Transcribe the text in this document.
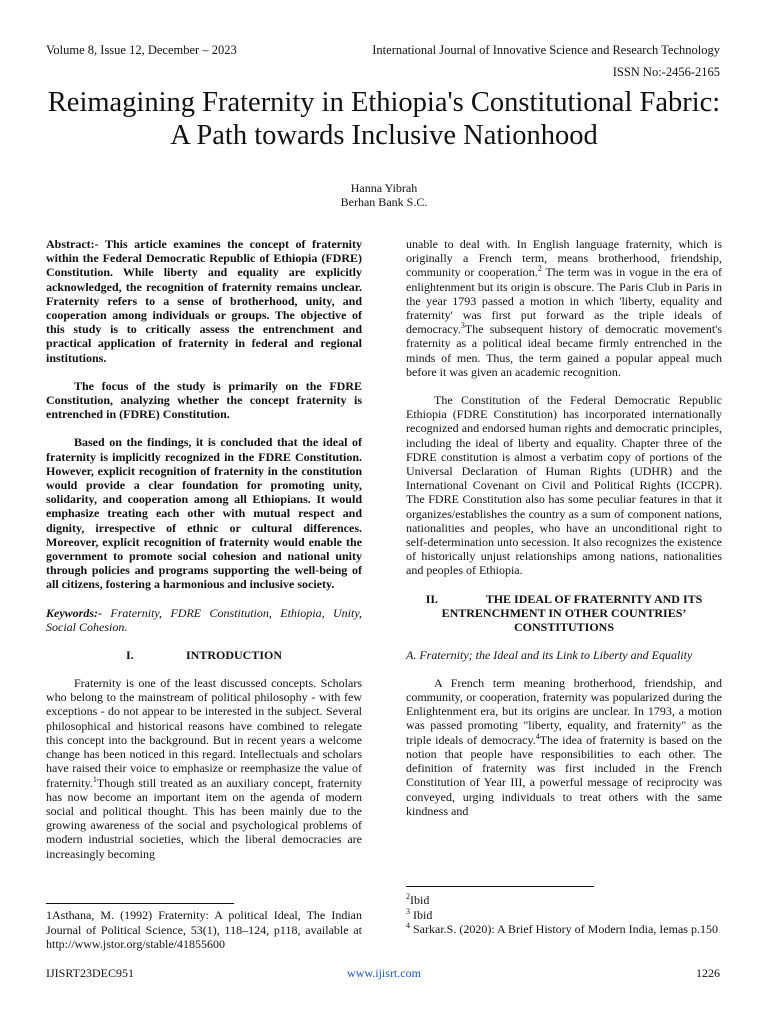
Volume 8, Issue 12, December – 2023	International Journal of Innovative Science and Research Technology
ISSN No:-2456-2165
Reimagining Fraternity in Ethiopia's Constitutional Fabric: A Path towards Inclusive Nationhood
Hanna Yibrah
Berhan Bank S.C.

Abstract:- This article examines the concept of fraternity within the Federal Democratic Republic of Ethiopia (FDRE) Constitution. While liberty and equality are explicitly acknowledged, the recognition of fraternity remains unclear. Fraternity refers to a sense of brotherhood, unity, and cooperation among individuals or groups. The objective of this study is to critically assess the entrenchment and practical application of fraternity in federal and regional institutions.

The focus of the study is primarily on the FDRE Constitution, analyzing whether the concept fraternity is entrenched in (FDRE) Constitution.

Based on the findings, it is concluded that the ideal of fraternity is implicitly recognized in the FDRE Constitution. However, explicit recognition of fraternity in the constitution would provide a clear foundation for promoting unity, solidarity, and cooperation among all Ethiopians. It would emphasize treating each other with mutual respect and dignity, irrespective of ethnic or cultural differences. Moreover, explicit recognition of fraternity would enable the government to promote social cohesion and national unity through policies and programs supporting the well-being of all citizens, fostering a harmonious and inclusive society.

Keywords:- Fraternity, FDRE Constitution, Ethiopia, Unity, Social Cohesion.

I.	INTRODUCTION

Fraternity is one of the least discussed concepts. Scholars who belong to the mainstream of political philosophy - with few exceptions - do not appear to be interested in the subject. Several philosophical and historical reasons have combined to relegate this concept into the background. But in recent years a welcome change has been noticed in this regard. Intellectuals and scholars have raised their voice to emphasize or reemphasize the value of fraternity.$^1$Though still treated as an auxiliary concept, fraternity has now become an important item on the agenda of modern social and political thought. This has been mainly due to the growing awareness of the social and psychological problems of modern industrial societies, which the liberal democracies are increasingly becoming

unable to deal with. In English language fraternity, which is originally a French term, means brotherhood, friendship, community or cooperation.$^2$ The term was in vogue in the era of enlightenment but its origin is obscure. The Paris Club in Paris in the year 1793 passed a motion in which 'liberty, equality and fraternity' was first put forward as the triple ideals of democracy.$^3$The subsequent history of democratic movement's fraternity as a political ideal became firmly entrenched in the minds of men. Thus, the term gained a popular appeal much before it was given an academic recognition.

The Constitution of the Federal Democratic Republic Ethiopia (FDRE Constitution) has incorporated internationally recognized and endorsed human rights and democratic principles, including the ideal of liberty and equality. Chapter three of the FDRE constitution is almost a verbatim copy of portions of the Universal Declaration of Human Rights (UDHR) and the International Covenant on Civil and Political Rights (ICCPR). The FDRE Constitution also has some peculiar features in that it organizes/establishes the country as a sum of component nations, nationalities and peoples, who have an unconditional right to self-determination unto secession. It also recognizes the existence of historically unjust relationships among nations, nationalities and peoples of Ethiopia.

II.	THE IDEAL OF FRATERNITY AND ITS ENTRENCHMENT IN OTHER COUNTRIES’ CONSTITUTIONS

A. Fraternity; the Ideal and its Link to Liberty and Equality

A French term meaning brotherhood, friendship, and community, or cooperation, fraternity was popularized during the Enlightenment era, but its origins are unclear. In 1793, a motion was passed promoting "liberty, equality, and fraternity" as the triple ideals of democracy.$^4$The idea of fraternity is based on the notion that people have responsibilities to each other. The definition of fraternity was first included in the French Constitution of Year III, a powerful message of reciprocity was conveyed, urging individuals to treat others with the same kindness and

1Asthana, M. (1992) Fraternity: A political Ideal, The Indian Journal of Political Science, 53(1), 118–124, p118, available at http://www.jstor.org/stable/41855600

$^2$Ibid

$^3$ Ibid

$^4$ Sarkar.S. (2020): A Brief History of Modern India, Iemas p.150

IJISRT23DEC951	www.ijisrt.com	1226
